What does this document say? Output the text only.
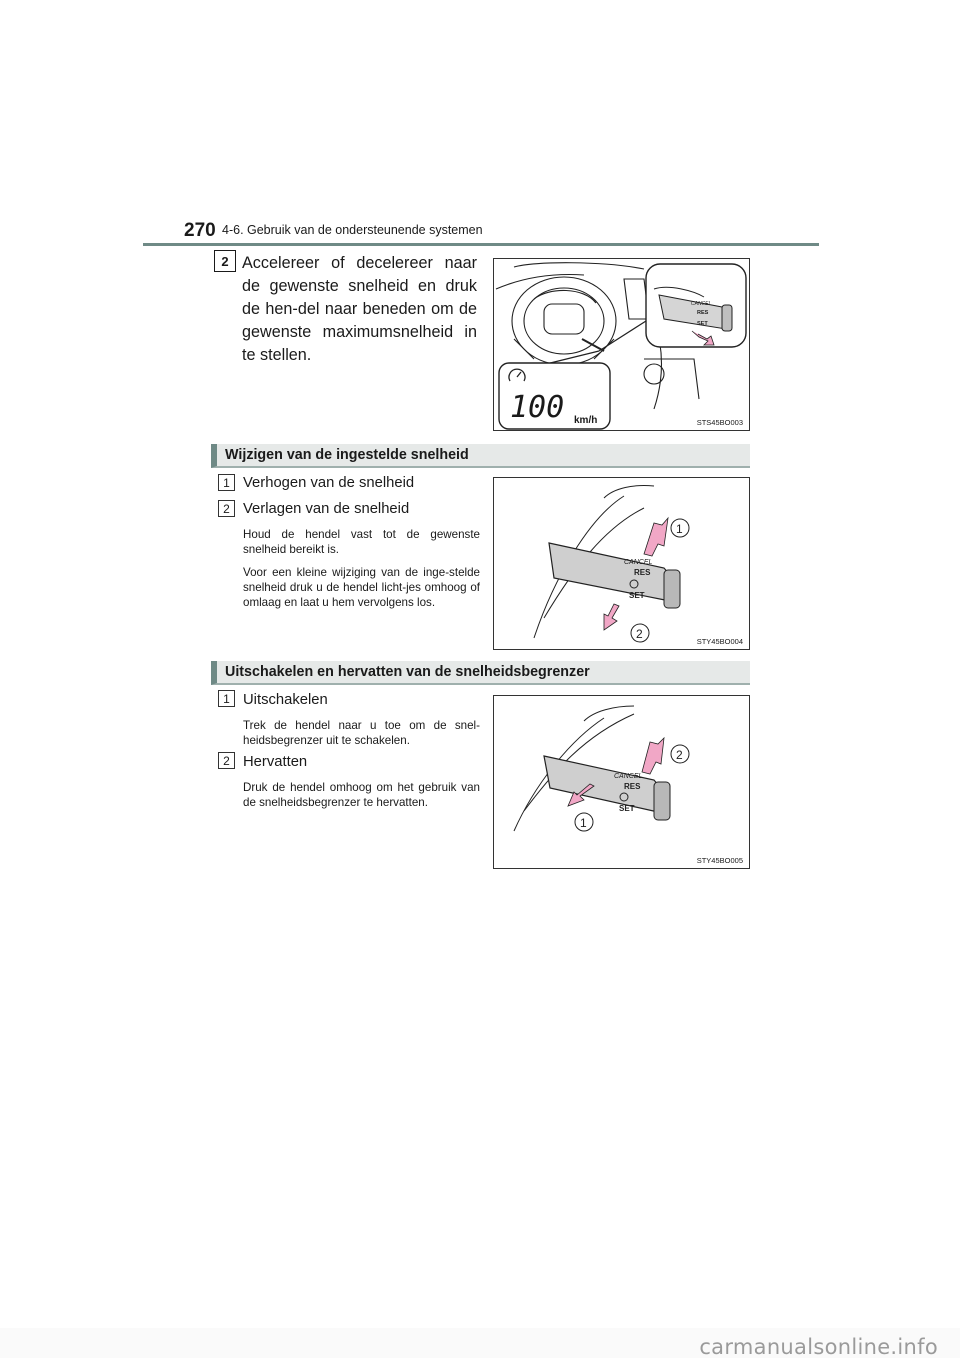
270 4-6. Gebruik van de ondersteunende systemen
2 Accelereer of decelereer naar de gewenste snelheid en druk de hen-del naar beneden om de gewenste maximumsnelheid in te stellen.
CANCEL
RES
SET
100 km/h	STS45BO003
Wijzigen van de ingestelde snelheid
1 Verhogen van de snelheid
2 Verlagen van de snelheid
Houd de hendel vast tot de gewenste snelheid bereikt is.
Voor een kleine wijziging van de inge-stelde snelheid druk u de hendel licht-jes omhoog of omlaag en laat u hem vervolgens los.
CANCEL
RES
SET
1
2
STY45BO004
Uitschakelen en hervatten van de snelheidsbegrenzer
1 Uitschakelen
Trek de hendel naar u toe om de snel-heidsbegrenzer uit te schakelen.
2 Hervatten
Druk de hendel omhoog om het gebruik van de snelheidsbegrenzer te hervatten.
CANCEL
RES
SET
2
1
STY45BO005
carmanualsonline.info
